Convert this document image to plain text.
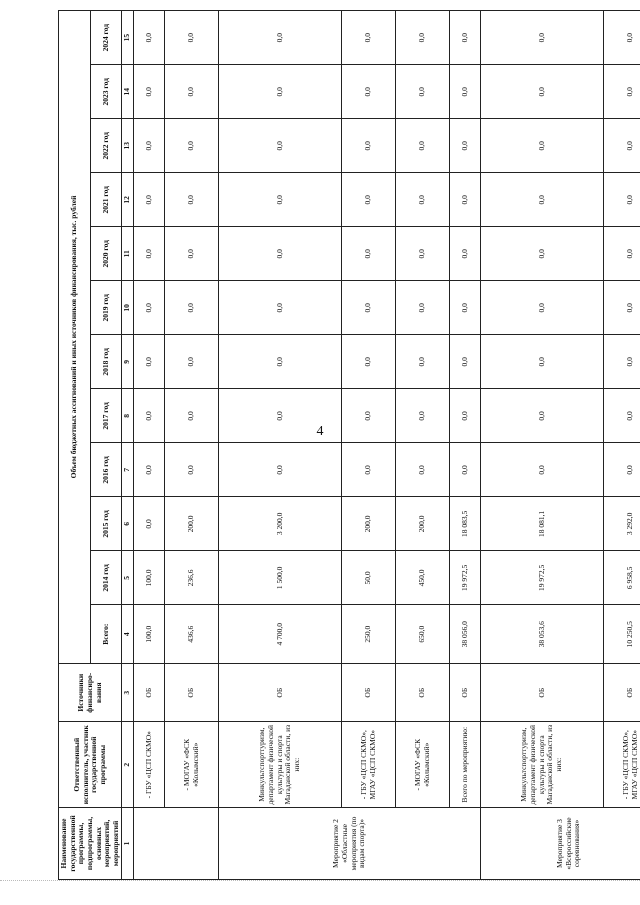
4
Наименование государственной программы, подпрограммы, основных мероприятий, мероприятий	Ответственный исполнитель, участник государственной программы	Источники финансиро-вания	Объем бюджетных ассигнований и иных источников финансирования, тыс. рублей											
			Всего:	2014 год	2015 год	2016 год	2017 год	2018 год	2019 год	2020 год	2021 год	2022 год	2023 год	2024 год
1	2	3	4	5	6	7	8	9	10	11	12	13	14	15
	- ГБУ «ЦСП СКМО»	ОБ	100,0	100,0	0,0	0,0	0,0	0,0	0,0	0,0	0,0	0,0	0,0	0,0
	- МОГАУ «ФСК «Колымский»	ОБ	436,6	236,6	200,0	0,0	0,0	0,0	0,0	0,0	0,0	0,0	0,0	0,0
Мероприятие 2 «Областные мероприятия (по видам спорта)»	Минкультспорттуризм, департамент физической культуры и спорта Магаданской области, из них:	ОБ	4 700,0	1 500,0	3 200,0	0,0	0,0	0,0	0,0	0,0	0,0	0,0	0,0	0,0
	- ГБУ «ЦСП СКМО», МГАУ «ЦСП СКМО»	ОБ	250,0	50,0	200,0	0,0	0,0	0,0	0,0	0,0	0,0	0,0	0,0	0,0
	- МОГАУ «ФСК «Колымский»	ОБ	650,0	450,0	200,0	0,0	0,0	0,0	0,0	0,0	0,0	0,0	0,0	0,0
	Всего по мероприятию:	ОБ	38 056,0	19 972,5	18 083,5	0,0	0,0	0,0	0,0	0,0	0,0	0,0	0,0	0,0
Мероприятие 3 «Всероссийские соревнования»	Минкультспорттуризм, департамент физической культуры и спорта Магаданской области, из них:	ОБ	38 053,6	19 972,5	18 081,1	0,0	0,0	0,0	0,0	0,0	0,0	0,0	0,0	0,0
	- ГБУ «ЦСП СКМО», МГАУ «ЦСП СКМО»	ОБ	10 250,5	6 958,5	3 292,0	0,0	0,0	0,0	0,0	0,0	0,0	0,0	0,0	0,0
